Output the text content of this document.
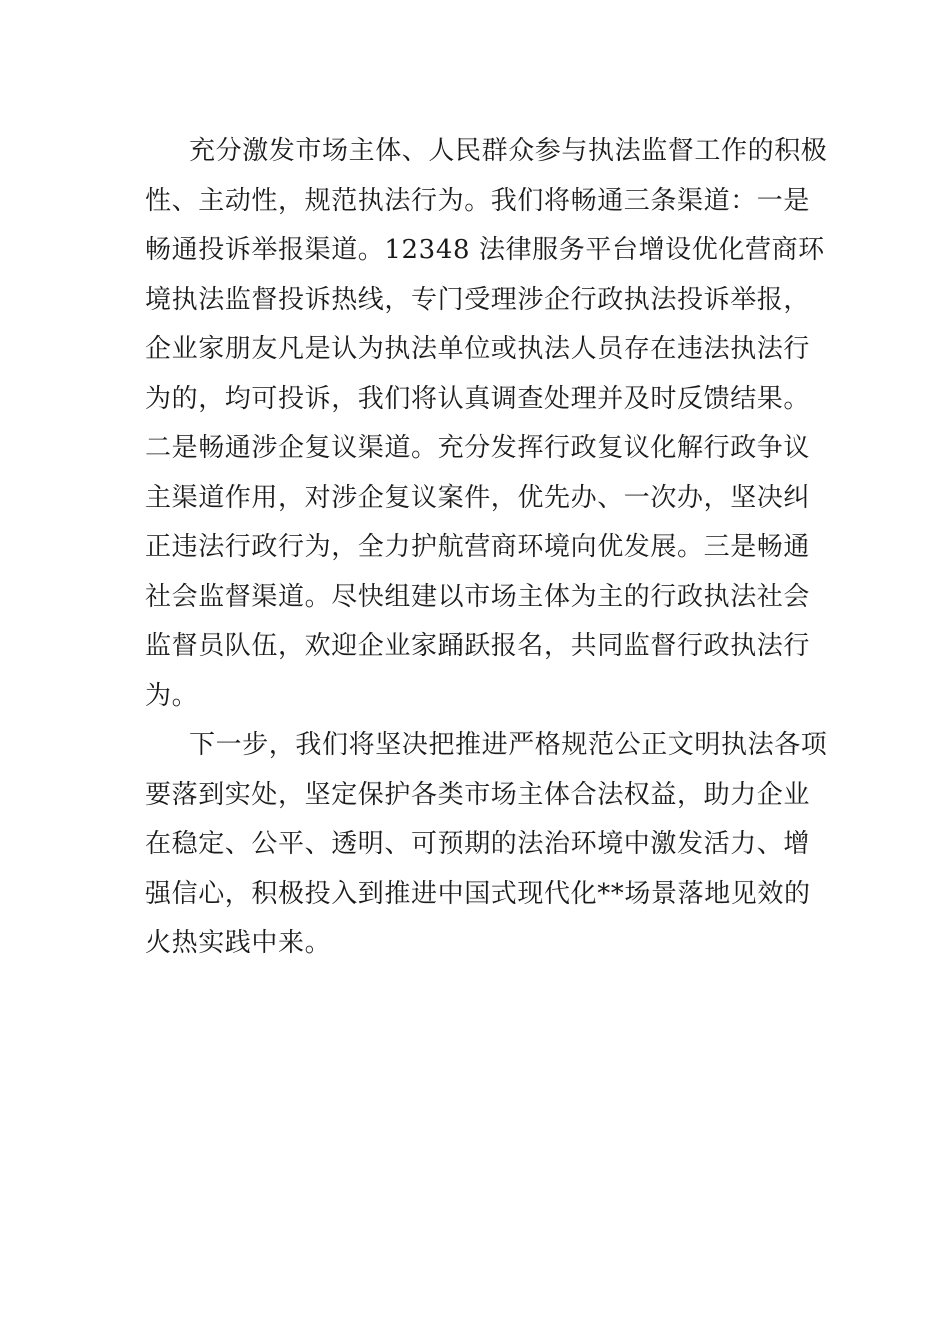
充分激发市场主体、人民群众参与执法监督工作的积极
性、主动性，规范执法行为。我们将畅通三条渠道：一是
畅通投诉举报渠道。12348 法律服务平台增设优化营商环
境执法监督投诉热线，专门受理涉企行政执法投诉举报，
企业家朋友凡是认为执法单位或执法人员存在违法执法行
为的，均可投诉，我们将认真调查处理并及时反馈结果。
二是畅通涉企复议渠道。充分发挥行政复议化解行政争议
主渠道作用，对涉企复议案件，优先办、一次办，坚决纠
正违法行政行为，全力护航营商环境向优发展。三是畅通
社会监督渠道。尽快组建以市场主体为主的行政执法社会
监督员队伍，欢迎企业家踊跃报名，共同监督行政执法行
为。
下一步，我们将坚决把推进严格规范公正文明执法各项
要落到实处，坚定保护各类市场主体合法权益，助力企业
在稳定、公平、透明、可预期的法治环境中激发活力、增
强信心，积极投入到推进中国式现代化**场景落地见效的
火热实践中来。
